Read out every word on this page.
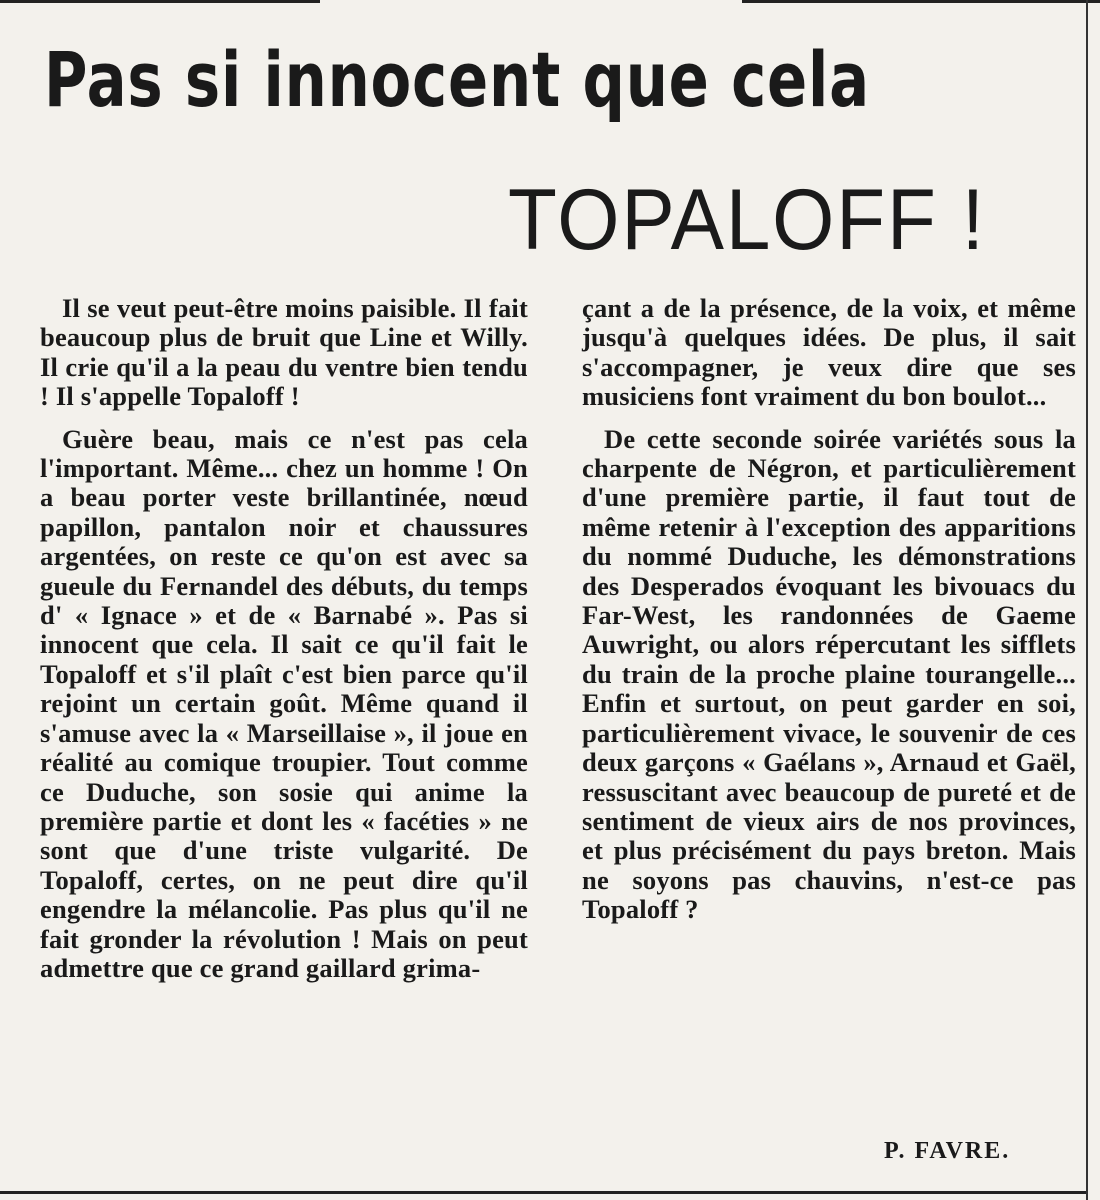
Pas si innocent que cela
TOPALOFF !

Il se veut peut-être moins paisible. Il fait beaucoup plus de bruit que Line et Willy. Il crie qu'il a la peau du ventre bien tendu ! Il s'appelle Topaloff !

Guère beau, mais ce n'est pas cela l'important. Même... chez un homme ! On a beau porter veste brillantinée, nœud papillon, pantalon noir et chaussures argentées, on reste ce qu'on est avec sa gueule du Fernandel des débuts, du temps d' « Ignace » et de « Barnabé ». Pas si innocent que cela. Il sait ce qu'il fait le Topaloff et s'il plaît c'est bien parce qu'il rejoint un certain goût. Même quand il s'amuse avec la « Marseillaise », il joue en réalité au comique troupier. Tout comme ce Duduche, son sosie qui anime la première partie et dont les « facéties » ne sont que d'une triste vulgarité. De Topaloff, certes, on ne peut dire qu'il engendre la mélancolie. Pas plus qu'il ne fait gronder la révolution ! Mais on peut admettre que ce grand gaillard grima-

çant a de la présence, de la voix, et même jusqu'à quelques idées. De plus, il sait s'accompagner, je veux dire que ses musiciens font vraiment du bon boulot...

De cette seconde soirée variétés sous la charpente de Négron, et particulièrement d'une première partie, il faut tout de même retenir à l'exception des apparitions du nommé Duduche, les démonstrations des Desperados évoquant les bivouacs du Far-West, les randonnées de Gaeme Auwright, ou alors répercutant les sifflets du train de la proche plaine tourangelle... Enfin et surtout, on peut garder en soi, particulièrement vivace, le souvenir de ces deux garçons « Gaélans », Arnaud et Gaël, ressuscitant avec beaucoup de pureté et de sentiment de vieux airs de nos provinces, et plus précisément du pays breton. Mais ne soyons pas chauvins, n'est-ce pas Topaloff ?

P. FAVRE.
